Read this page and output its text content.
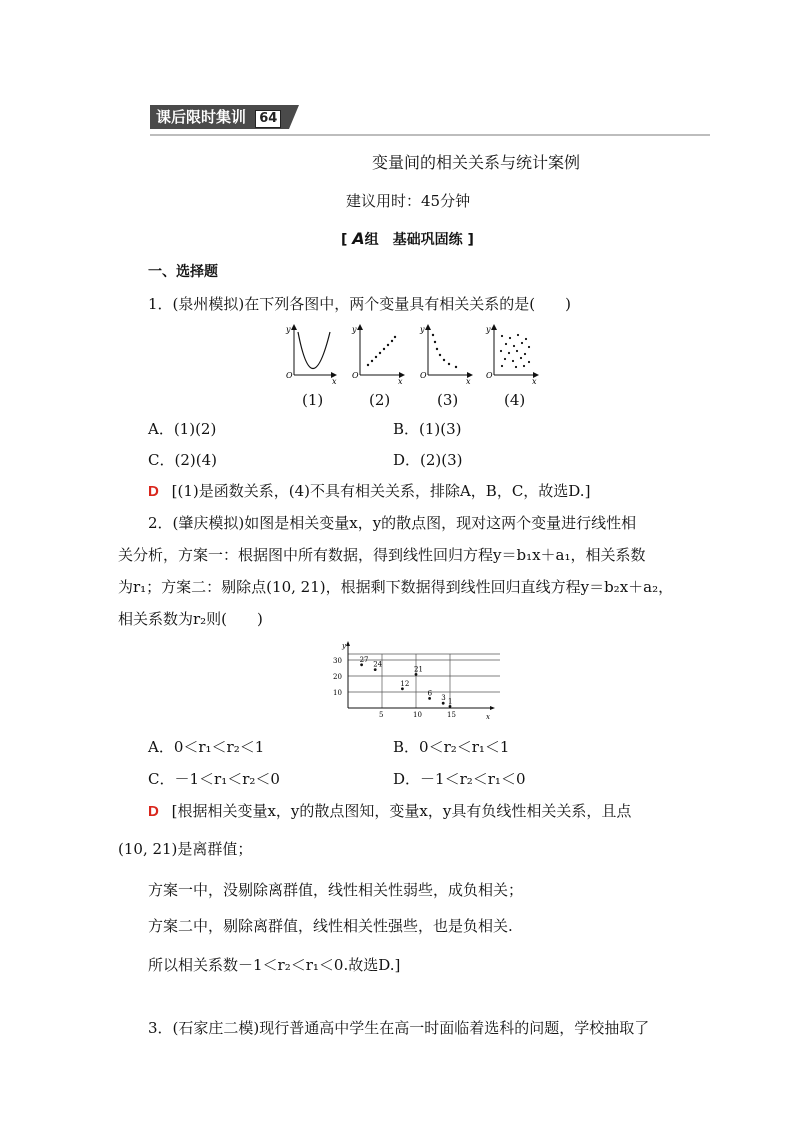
课后限时集训 64
变量间的相关关系与统计案例
建议用时：45分钟
[ A组　基础巩固练 ]
一、选择题
1．(泉州模拟)在下列各图中，两个变量具有相关关系的是(　　)
y
O
x
y
O
x
y
O
x
y
O
x
(1)	(2)	(3)	(4)
A．(1)(2)	B．(1)(3)
C．(2)(4)	D．(2)(3)
D [(1)是函数关系，(4)不具有相关关系，排除A，B，C，故选D.]
2．(肇庆模拟)如图是相关变量x，y的散点图，现对这两个变量进行线性相
关分析，方案一：根据图中所有数据，得到线性回归方程y＝b₁x＋a₁，相关系数
为r₁；方案二：剔除点(10, 21)，根据剩下数据得到线性回归直线方程y＝b₂x＋a₂，
相关系数为r₂则(　　)
y
x
5	10	15
10
20
30	27
24
12
21
6
3 1
A．0＜r₁＜r₂＜1	B．0＜r₂＜r₁＜1
C．－1＜r₁＜r₂＜0	D．－1＜r₂＜r₁＜0
D [根据相关变量x，y的散点图知，变量x，y具有负线性相关关系，且点
(10, 21)是离群值；
方案一中，没剔除离群值，线性相关性弱些，成负相关；
方案二中，剔除离群值，线性相关性强些，也是负相关.
所以相关系数－1＜r₂＜r₁＜0.故选D.]
3．(石家庄二模)现行普通高中学生在高一时面临着选科的问题，学校抽取了
